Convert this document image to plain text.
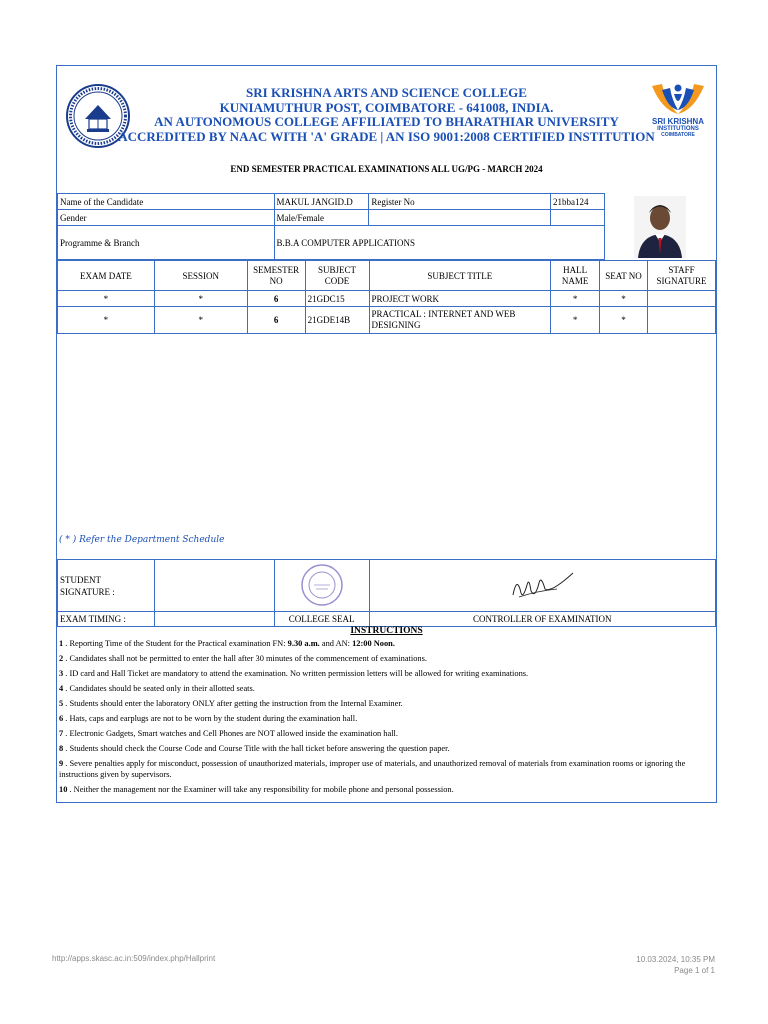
SRI KRISHNA ARTS AND SCIENCE COLLEGE
KUNIAMUTHUR POST, COIMBATORE - 641008, INDIA.
AN AUTONOMOUS COLLEGE AFFILIATED TO BHARATHIAR UNIVERSITY
ACCREDITED BY NAAC WITH 'A' GRADE | AN ISO 9001:2008 CERTIFIED INSTITUTION
SRI KRISHNA
INSTITUTIONS
COIMBATORE
END SEMESTER PRACTICAL EXAMINATIONS ALL UG/PG - MARCH 2024
Name of the Candidate	MAKUL JANGID.D	Register No	21bba124
Gender	Male/Female		
Programme & Branch	B.B.A COMPUTER APPLICATIONS		
EXAM DATE	SESSION	SEMESTER NO	SUBJECT CODE	SUBJECT TITLE	HALL NAME	SEAT NO	STAFF SIGNATURE
*	*	6	21GDC15	PROJECT WORK	*	*	
*	*	6	21GDE14B	PRACTICAL : INTERNET AND WEB DESIGNING	*	*	
( * ) Refer the Department Schedule
STUDENT SIGNATURE :			
EXAM TIMING :		COLLEGE SEAL	CONTROLLER OF EXAMINATION
INSTRUCTIONS
1 . Reporting Time of the Student for the Practical examination FN: 9.30 a.m. and AN: 12:00 Noon.
2 . Candidates shall not be permitted to enter the hall after 30 minutes of the commencement of examinations.
3 . ID card and Hall Ticket are mandatory to attend the examination. No written permission letters will be allowed for writing examinations.
4 . Candidates should be seated only in their allotted seats.
5 . Students should enter the laboratory ONLY after getting the instruction from the Internal Examiner.
6 . Hats, caps and earplugs are not to be worn by the student during the examination hall.
7 . Electronic Gadgets, Smart watches and Cell Phones are NOT allowed inside the examination hall.
8 . Students should check the Course Code and Course Title with the hall ticket before answering the question paper.
9 . Severe penalties apply for misconduct, possession of unauthorized materials, improper use of materials, and unauthorized removal of materials from examination rooms or ignoring the instructions given by supervisors.
10 . Neither the management nor the Examiner will take any responsibility for mobile phone and personal possession.
http://apps.skasc.ac.in:509/index.php/Hallprint	10.03.2024, 10:35 PM
Page 1 of 1
